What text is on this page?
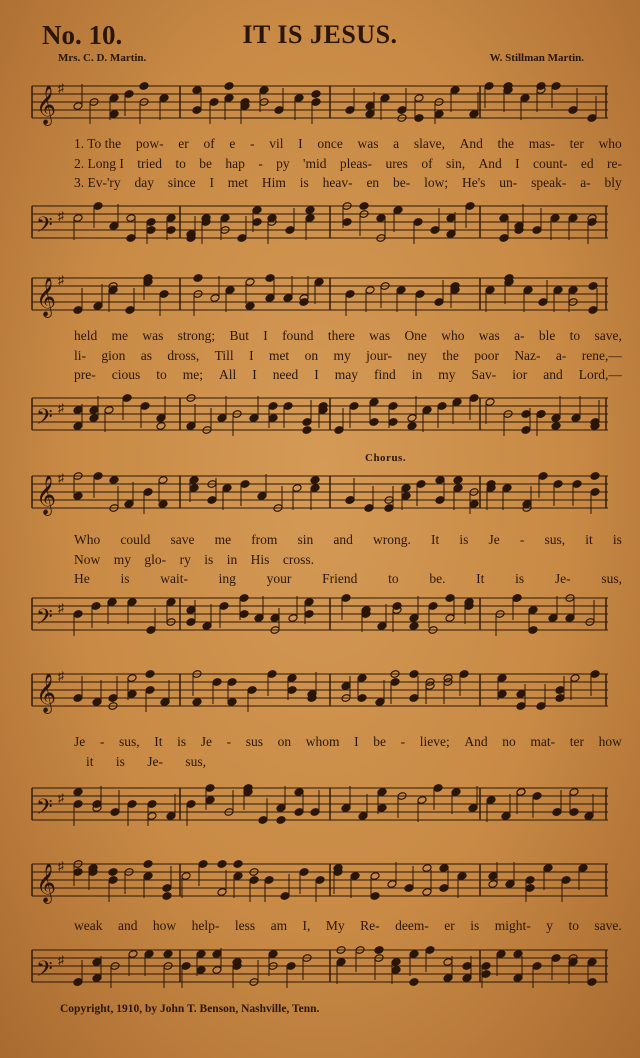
No. 10.	IT IS JESUS.
Mrs. C. D. Martin.	W. Stillman Martin.
𝄞 ♯
1. To the pow- er of e - vil I once was a slave, And the mas- ter who
2. Long I tried to be hap - py 'mid pleas- ures of sin, And I count- ed re-
3. Ev-'ry day since I met Him is heav- en be- low; He's un- speak- a- bly
𝄢 ♯
𝄞 ♯
held me was strong; But I found there was One who was a- ble to save,
li- gion as dross, Till I met on my jour- ney the poor Naz- a- rene,—
pre- cious to me; All I need I may find in my Sav- ior and Lord,—
𝄢 ♯
Chorus.
𝄞 ♯
Who could save me from sin and wrong. It is Je - sus, it is
Now my glo- ry is in His cross.
He is wait- ing your Friend to be. It is Je- sus,
𝄢 ♯
𝄞 ♯
Je - sus, It is Je - sus on whom I be - lieve; And no mat- ter how
it is Je- sus,
𝄢 ♯
𝄞 ♯
weak and how help- less am I, My Re- deem- er is might- y to save.
𝄢 ♯
Copyright, 1910, by John T. Benson, Nashville, Tenn.
